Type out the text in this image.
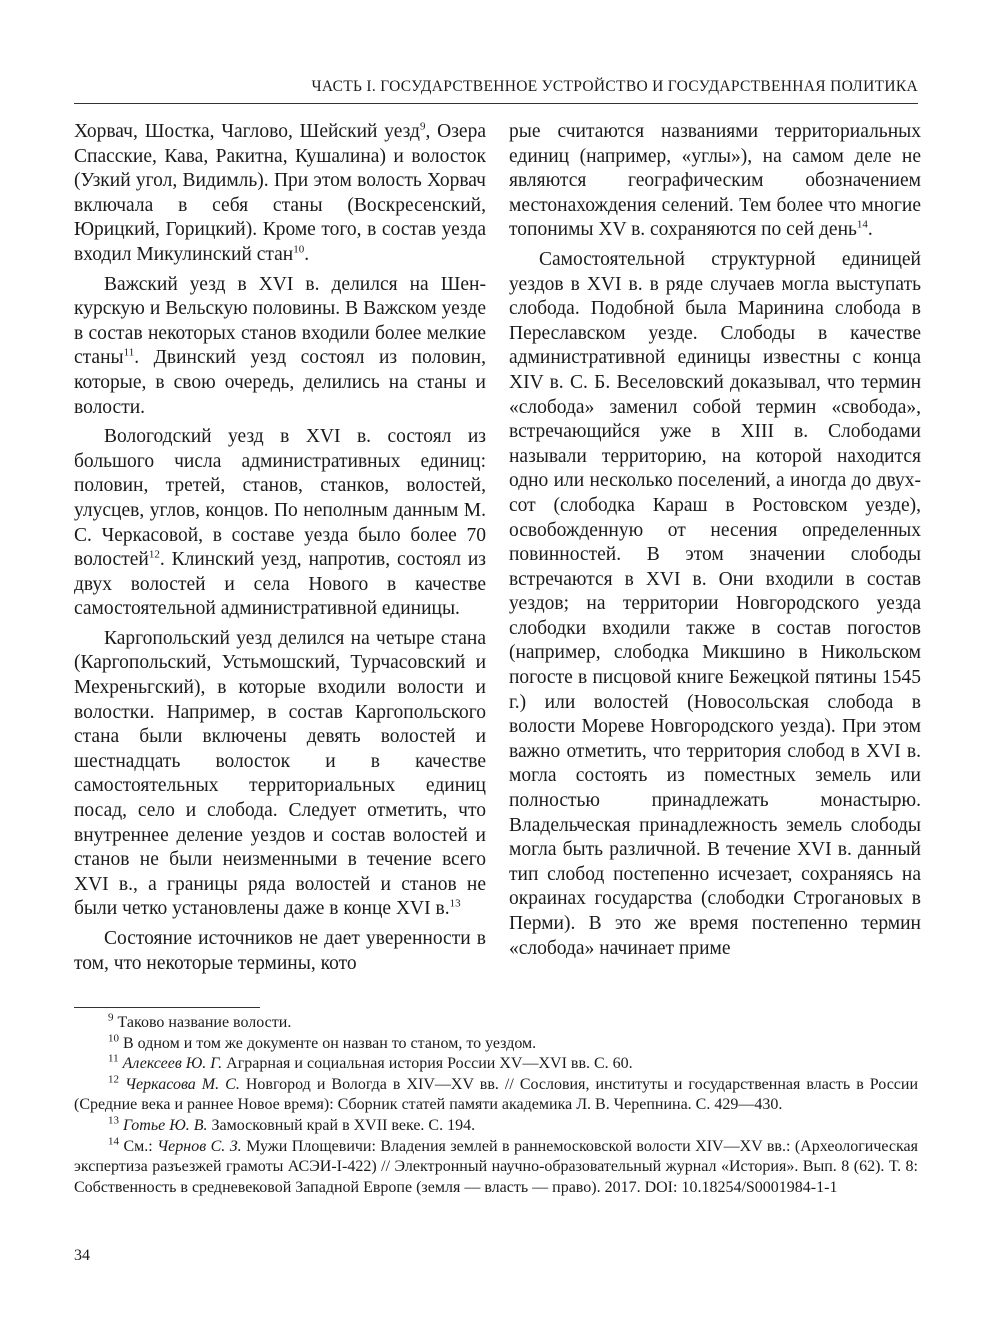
ЧАСТЬ I. ГОСУДАРСТВЕННОЕ УСТРОЙСТВО И ГОСУДАРСТВЕННАЯ ПОЛИТИКА

Хорвач, Шостка, Чаглово, Шейский уезд$^9$, Озера Спасские, Кава, Ракитна, Кушалина) и волосток (Узкий угол, Видимль). При этом волость Хорвач включала в себя станы (Воскресенский, Юрицкий, Горицкий). Кроме того, в состав уезда входил Микулинский стан$^{10}$.

Важский уезд в XVI в. делился на Шенкурскую и Вельскую половины. В Важском уезде в состав некоторых станов входили более мелкие станы$^{11}$. Двинский уезд состоял из половин, которые, в свою очередь, делились на станы и волости.

Вологодский уезд в XVI в. состоял из большого числа административных единиц: половин, третей, станов, станков, волостей, улусцев, углов, концов. По неполным данным М. С. Черкасовой, в составе уезда было более 70 волостей$^{12}$. Клинский уезд, напротив, состоял из двух волостей и села Нового в качестве самостоятельной административной единицы.

Каргопольский уезд делился на четыре стана (Каргопольский, Устьмошский, Турчасовский и Мехреньгский), в которые входили волости и волостки. Например, в состав Каргопольского стана были включены девять волостей и шестнадцать волосток и в качестве самостоятельных территориальных единиц посад, село и слобода. Следует отметить, что внутреннее деление уездов и состав волостей и станов не были неизменными в течение всего XVI в., а границы ряда волостей и станов не были четко установлены даже в конце XVI в.$^{13}$

Состояние источников не дает уверенности в том, что некоторые термины, кото

рые считаются названиями территориальных единиц (например, «углы»), на самом деле не являются географическим обозначением местонахождения селений. Тем более что многие топонимы XV в. сохраняются по сей день$^{14}$.

Самостоятельной структурной единицей уездов в XVI в. в ряде случаев могла выступать слобода. Подобной была Маринина слобода в Переславском уезде. Слободы в качестве административной единицы известны с конца XIV в. С. Б. Веселовский доказывал, что термин «слобода» заменил собой термин «свобода», встречающийся уже в XIII в. Слободами называли территорию, на которой находится одно или несколько поселений, а иногда до двухсот (слободка Караш в Ростовском уезде), освобожденную от несения определенных повинностей. В этом значении слободы встречаются в XVI в. Они входили в состав уездов; на территории Новгородского уезда слободки входили также в состав погостов (например, слободка Микшино в Никольском погосте в писцовой книге Бежецкой пятины 1545 г.) или волостей (Новосольская слобода в волости Мореве Новгородского уезда). При этом важно отметить, что территория слобод в XVI в. могла состоять из поместных земель или полностью принадлежать монастырю. Владельческая принадлежность земель слободы могла быть различной. В течение XVI в. данный тип слобод постепенно исчезает, сохраняясь на окраинах государства (слободки Строгановых в Перми). В это же время постепенно термин «слобода» начинает приме

$^9$ Таково название волости.

$^{10}$ В одном и том же документе он назван то станом, то уездом.

$^{11}$ Алексеев Ю. Г. Аграрная и социальная история России XV—XVI вв. С. 60.

$^{12}$ Черкасова М. С. Новгород и Вологда в XIV—XV вв. // Сословия, институты и государственная власть в России (Средние века и раннее Новое время): Сборник статей памяти академика Л. В. Черепнина. С. 429—430.

$^{13}$ Готье Ю. В. Замосковный край в XVII веке. С. 194.

$^{14}$ См.: Чернов С. З. Мужи Площевичи: Владения землей в раннемосковской волости XIV—XV вв.: (Археологическая экспертиза разъезжей грамоты АСЭИ-I-422) // Электронный научно-образовательный журнал «История». Вып. 8 (62). Т. 8: Собственность в средневековой Западной Европе (земля — власть — право). 2017. DOI: 10.18254/S0001984-1-1

34
